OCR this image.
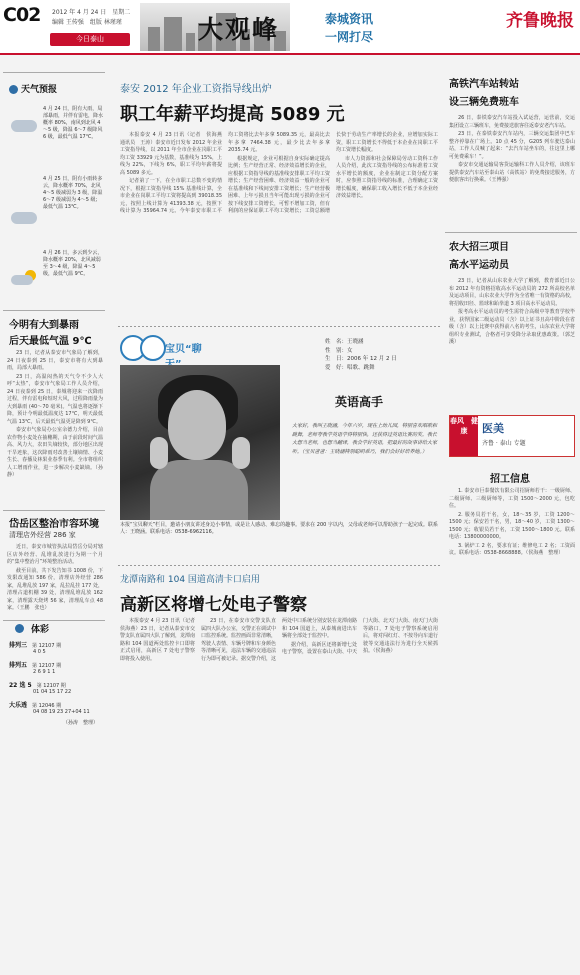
C02 2012 年 4 月 24 日　星期二
编辑 王传强　组版 林瑾瑾
今日泰山	大观峰	泰城资讯
一网打尽
齐鲁晚报
天气预报
4 月 24 日，阴有大雨，局部暴雨，并伴有雷电，降水概率 80%，南风到北风 4～5 级，降温 6～7 级降风 6 级，最低气温 17℃。
4 月 25 日，阴有小雨转多云，降水概率 70%，北风 4～5 级减弱为 3 级，降温 6～7 级减弱为 4～5 级；最低气温 13℃。
4 月 26 日，多云到少云，降水概率 20%，北风减弱至 3～4 级，降温 4～5 级，最低气温 9℃。
今明有大到暴雨
后天最低气温 9℃

23 日，记者从泰安市气象局了解到，24 日夜泰到 25 日，泰安市将有大到暴雨，局部大暴雨。

23 日，高温闷热的天气令不少人大呼“太热”，泰安市气象局工作人员介绍，24 日夜泰到 25 日，泰城将迎来一次降雨过程，伴有雷电和短时大风，过程降雨量为大到暴雨 (40～70 毫米)。气温也将逐渐下降，预计今明最低温度达 17℃，明天最低气温 13℃，后天最低气温更是降到 9℃。

泰安市气象局办公室余德力介绍，目前农作物小麦处在抽穗期，由于前段时间气温高、风力大，农田失墒较快，部分地区出现干旱迹象，这次降雨对改善土壤墒情、小麦生长、春播及林果业春季有利。全市将组织人工增雨作业，进一步解决小麦缺墒。（孙静）

岱岳区整治市容环境
清理店外经营 286 家

近日，泰安市城管执法局岱岳分局对辖区店外经营、乱堆乱放进行为期一个月的“集中整治月”环境整治活动。

截至目前，共下发告知书 1008 份，下发限改通知 586 份，清理店外经营 286 家，乱堆乱放 197 家，乱拉乱挂 177 处，清理占道机棚 39 处，清理乱堆乱放 162 家，清理露天烧烤 56 家，清理乱车点 48 家。（王鹏　张也）

体彩
排列三　 第 12107 期
4 0 5
排列五　 第 12107 期
2 6 9 1 1
22 选 5　 第 12107 期
01 04 15 17 22
大乐透　 第 12046 期
04 08 19 23 27+04 11
（孙涛　整理）
泰安 2012 年企业工资指导线出炉
职工年薪平均提高 5089 元

本报泰安 4 月 23 日讯（记者　侯海燕　通讯员　王涛）泰安市近日发布 2012 年企业工资指导线，以 2011 年全市企业在岗职工平均工资 33929 元为基数，基准线为 15%，上线为 22%，下线为 6%，职工平均年薪将提高 5089 多元。

记者第了一下，在全市职工总数不变的情况下，根据工资指导线 15% 基准线计算，全市企业在岗职工平均工资将提高到 39018.35 元，按照上线计算为 41393.38 元，按照下线计算为 35964.74 元。今年泰安市职工平均工资将比去年多拿 5089.35 元，最高比去年多拿 7464.38 元，最少比去年多拿 2035.74 元。

根据规定，企业可根据自身实际确定提高比例；生产经营正常、经济效益增长的企业，应根据工资指导线的基准线安排职工平均工资增长；生产经营困难、经济效益一般的企业可在基准线和下线间安排工资增长；生产经营极困难、上年亏损且当年可能出现亏损的企业可按下线安排工资增长，可暂不增加工资，但有利润的应保证职工平均工资增长；工资总额增长快于劳动生产率增长的企业，应增加实际工资，职工工资增长不得低于本企业在岗职工平均工资增长幅度。

市人力资源和社会保障局劳动工资科工作人员介绍，此次工资指导线的公布标准着工资水平增长的额度，企业在制定工资分配方案时，应参照工资指导线的标准，合理确定工资增长幅度，确保职工收入增长不低于本企业经济效益增长。

宝贝“聊
姓　名：王晓涵
性　别：女
生　日：2006 年 12 月 2 日
爱　好：唱歌、跳舞
英语高手
大家好，我叫王晓涵，今年六岁，现在上幼儿园，特别喜欢唱歌和跳舞，老师夸我学英语学得特别快，还获得过英语比赛的奖。我长大想当老师，也想当翻译，我会学好英语，把最好的故事讲给大家听。（宝贝爸爸：王晓涵特别聪明乖巧，我们会好好培养她。）
本报“宝贝聊天”栏目，邀请小朋友讲述身边小事情，或是让人感动、难忘的趣事。要求在 200 字以内，父母或老师可以帮助孩子一起完成。联系人：王晓涵。联系电话：0538-6962116。
龙潭南路和 104 国道高清卡口启用
高新区将增七处电子警察

本报泰安 4 月 23 日讯（记者　侯海燕）23 日，记者从泰安市交警支队直属四大队了解到，龙潭南路和 104 国道两处监控卡口即将正式启用，高新区 7 处电子警察即将投入使用。

23 日，在泰安市交警支队直属四大队办公室，交警正在调试中口监控系统。监控画面非常清晰，驾驶人表情、车辆号牌和车身颜色等清晰可见，违法车辆的交通违法行为即可被记录。据交警介绍，这两处中口系统分别安装在龙潭南路和 104 国道上，从泰城南进出车辆将全部处于监控中。

据介绍，高新区还将新增七处电子警察，设置在泰山大街、中天门大街、北天门大街、南天门大街等路口，7 处电子警察系统启用后，将对闯红灯、不按导向车道行驶等交通违法行为进行全天候抓拍。（侯海燕）

高铁汽车站转站
设三辆免费班车

26 日，泰铁泰安汽车站投入试运营，运营前，交运集团设立三辆班车，免费接送旅客往返泰安老汽车站。

23 日，在泰铁泰安汽车站内，三辆交运集团中巴车整齐停靠在广场上。10 点 45 分，G205 列车驶达泰山站，工作人员喊了起来：“去汽车站坐车的，往这里上哪可免费乘车！”。

泰安市交通运输局客货运输科工作人员介绍，该班车提供泰安汽车站至泰山站（高铁站）的免费接送服务，方便旅客出行换乘。（王傅强）

农大招三项目
高水平运动员

23 日，记者从山东农业大学了解到，教育部近日公布 2012 年有资格招收高水平运动员的 272 所高校名单及运动项目，山东农业大学作为全省唯一有资格的高校，将招收田径、篮球和跆拳道 3 项目高水平运动员。

报考高水平运动员的考生需符合高级中等教育学校毕业，获得国家二级运动员（含）以上证书且高中阶段在省级（含）以上比赛中获得前八名的考生，山东农业大学将组织专业测试，合格者可享受降分录取优惠政策。（郭芝溪）

春风　健康	医美
齐鲁 · 泰山 专题
招工信息

1. 泰安市巨泰餐饮有限公司招厨师若干：一级厨师、二级厨师、三级厨师等，工资 1500～2000 元，包吃住。

2. 服务员若干名，女，18～35 岁，工资 1200～1500 元；保安若干名，男，18～40 岁，工资 1300～1500 元；收银员若干名，工资 1500～1800 元。联系电话：13800000000。

3. 锅炉工 2 名，要求有证；维修电工 2 名；工资面议。联系电话：0538-8668888。（侯海燕　整理）
